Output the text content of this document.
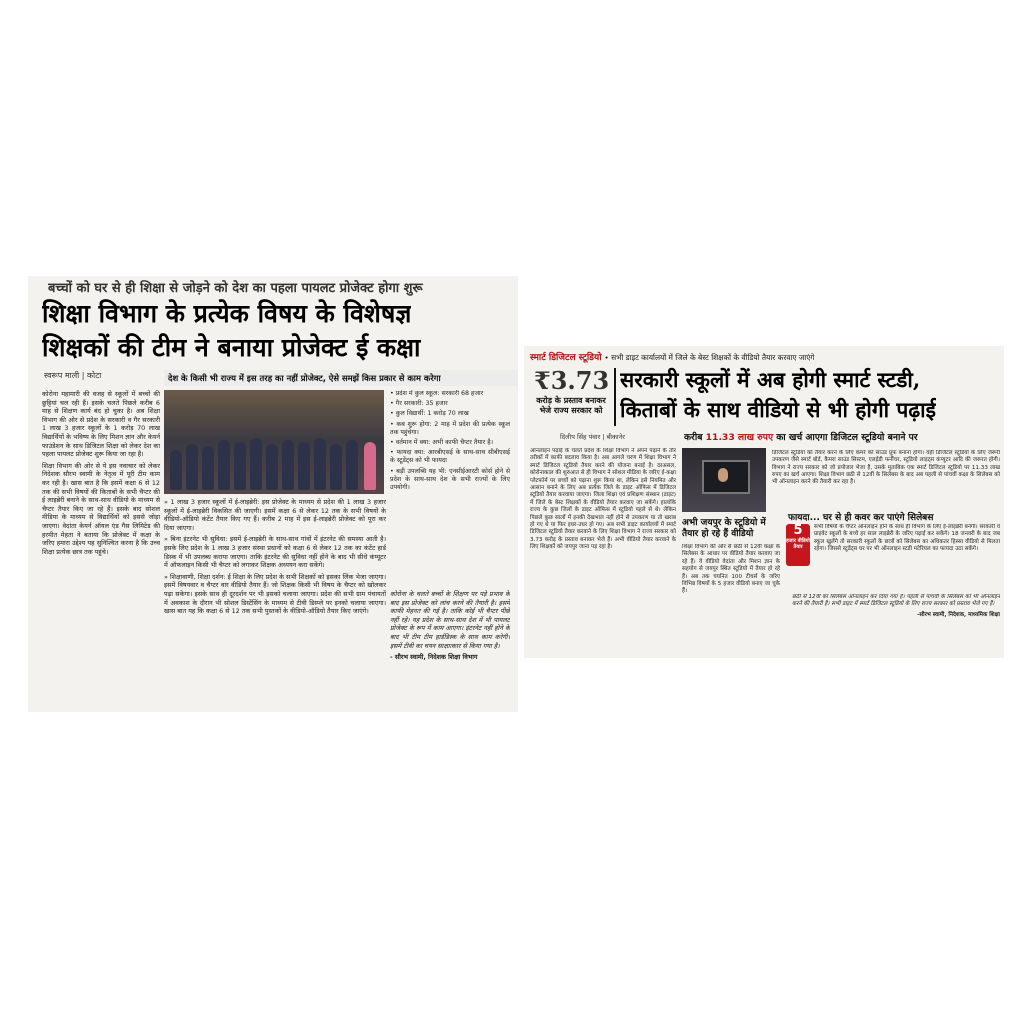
बच्चों को घर से ही शिक्षा से जोड़ने को देश का पहला पायलट प्रोजेक्ट होगा शुरू
शिक्षा विभाग के प्रत्येक विषय के विशेषज्ञ
शिक्षकों की टीम ने बनाया प्रोजेक्ट ई कक्षा
स्वरूप माली | कोटा	देश के किसी भी राज्य में इस तरह का नहीं प्रोजेक्ट, ऐसे समझें किस प्रकार से काम करेगा

कोरोना महामारी की वजह से स्कूलों में बच्चों की छुट्टियां चल रही हैं। इसके चलते पिछले करीब 6 माह से शिक्षण कार्य बंद हो चुका है। अब शिक्षा विभाग की ओर से प्रदेश के सरकारी व गैर सरकारी 1 लाख 3 हजार स्कूलों के 1 करोड़ 70 लाख विद्यार्थियों के भविष्य के लिए मिशन ज्ञान और केयर्न फाउंडेशन के साथ डिजिटल शिक्षा को लेकर देश का पहला पायलट प्रोजेक्ट शुरू किया जा रहा है।

शिक्षा विभाग की ओर से ये इस नवाचार को लेकर निदेशक सौरभ स्वामी के नेतृत्व में पूरी टीम काम कर रही है। खास बात है कि इसमें कक्षा 6 से 12 तक की सभी विषयों की किताबों के सभी चैप्टर की ई लाइब्रेरी बनाने के साथ-साथ वीडियो के माध्यम से चैप्टर तैयार किए जा रहे हैं। इसके बाद सोशल मीडिया के माध्यम से विद्यार्थियों को इससे जोड़ा जाएगा। वेदांता केयर्न ऑयल एंड गैस लिमिटेड की हरमीत मेहता ने बताया कि प्रोजेक्ट में कक्षा के जरिए हमारा उद्देश्य यह सुनिश्चित करना है कि उच्च शिक्षा प्रत्येक छात्र तक पहुंचे।

» 1 लाख 3 हजार स्कूलों में ई-लाइब्रेरी: इस प्रोजेक्ट के माध्यम से प्रदेश की 1 लाख 3 हजार स्कूलों में ई-लाइब्रेरी विकसित की जाएगी। इसमें कक्षा 6 से लेकर 12 तक के सभी विषयों के वीडियो-ऑडियो कंटेंट तैयार किए गए हैं। करीब 2 माह में इस ई-लाइब्रेरी प्रोजेक्ट को पूरा कर दिया जाएगा।

» बिना इंटरनेट भी सुविधा: इसमें ई-लाइब्रेरी के साथ-साथ गांवों में इंटरनेट की समस्या आती है। इसके लिए प्रदेश के 1 लाख 3 हजार संस्था प्रधानों को कक्षा 6 से लेकर 12 तक का कंटेंट हार्ड डिस्क में भी उपलब्ध कराया जाएगा। ताकि इंटरनेट की सुविधा नहीं होने के बाद भी सीधे कंप्यूटर में ऑफलाइन किसी भी चैप्टर को लगाकर शिक्षक अध्ययन करा सकेंगे।

» शिक्षावाणी, शिक्षा दर्शन: ई शिक्षा के लिए प्रदेश के सभी शिक्षकों को इसका लिंक भेजा जाएगा। इसमें विषयवार व चैप्टर वार वीडियो तैयार हैं। जो शिक्षक किसी भी विषय के चैप्टर को खोलकर पढ़ा सकेगा। इसके साथ ही दूरदर्शन पर भी इसको चलाया जाएगा। प्रदेश की सभी ग्राम पंचायतों में अवकाश के दौरान भी सोशल डिस्टेंसिंग के माध्यम से टीवी डिस्प्ले पर इनको चलाया जाएगा। खास बात यह कि कक्षा 6 से 12 तक सभी पुस्तकों के वीडियो-ऑडियो तैयार किए जाएंगे।

• प्रदेश में कुल स्कूल: सरकारी 68 हजार
• गैर सरकारी: 35 हजार
• कुल विद्यार्थी: 1 करोड़ 70 लाख
• कब शुरू होगा: 2 माह में प्रदेश की प्रत्येक स्कूल तक पहुंचेगा।
• वर्तमान में क्या: अभी काफी चैप्टर तैयार है।
• फायदा क्या: आरबीएसई के साथ-साथ सीबीएसई के स्टूडेंट्स को भी फायदा
• बड़ी उपलब्धि यह भी: एनसीईआरटी कोर्स होने से प्रदेश के साथ-साथ देश के सभी राज्यों के लिए उपयोगी।

कोरोना के चलते बच्चों के शिक्षण पर पड़े प्रभाव के बाद इस प्रोजेक्ट को लांच करने की तैयारी है। इसमें काफी मेहनत की गई है। ताकि कोई भी चैप्टर पीछे नहीं रहे। यह प्रदेश के साथ-साथ देश में भी पायलट प्रोजेक्ट के रूप में काम आएगा। इंटरनेट नहीं होने के बाद भी टीम टीम हार्डडिस्क के साथ काम करेगी। इसमें टीवी का चयन साक्षात्कार से किया गया है।

- सौरभ स्वामी, निदेशक शिक्षा विभाग

स्मार्ट डिजिटल स्टूडियो • सभी डाइट कार्यालयों में जिले के बेस्ट शिक्षकों के वीडियो तैयार करवाए जाएंगे
₹3.73
करोड़ के प्रस्ताव बनाकर भेजे राज्य सरकार को
सरकारी स्कूलों में अब होगी स्मार्ट स्टडी,
किताबों के साथ वीडियो से भी होगी पढ़ाई
दिलीप सिंह पंवार | बीकानेर	करीब 11.33 लाख रुपए का खर्च आएगा डिजिटल स्टूडियो बनाने पर
ऑनलाइन पढ़ाई के चलते प्रदेश के शिक्षा विभाग ने अपने पढ़ाने के तौर तरीकों में काफी बदलाव किया है। अब आगले चरण में शिक्षा विभाग ने स्मार्ट डिजिटल स्टूडियो तैयार करने की योजना बनाई है। दरअसल, कोरोनाकाल की शुरुआत से ही विभाग ने सोशल मीडिया के जरिए ई-कक्षा प्लेटफॉर्म पर बच्चों को पढ़ाना शुरू किया था, लेकिन इसे नियमित और आसान बनाने के लिए अब प्रत्येक जिले के डाइट ऑफिस में डिजिटल स्टूडियो तैयार करवाया जाएगा। जिला शिक्षा एवं प्रशिक्षण संस्थान (डाइट) में जिले के बेस्ट शिक्षकों के वीडियो तैयार करवाए जा सकेंगे। हालांकि राज्य के कुछ जिलों के डाइट ऑफिस में स्टूडियो पहले से थे। लेकिन पिछले कुछ सालों में इनकी देखभाल नहीं होने से उपकरण या तो खराब हो गए थे या फिर इधर-उधर हो गए। अब सभी डाइट कार्यालयों में स्मार्ट डिजिटल स्टूडियो तैयार करवाने के लिए शिक्षा विभाग ने राज्य सरकार को 3.73 करोड़ के प्रस्ताव बनाकर भेजे हैं। अभी वीडियो तैयार करवाने के लिए शिक्षकों को जयपुर जाना पड़ रहा है।
अभी जयपुर के स्टूडियो में तैयार हो रहे हैं वीडियो
शिक्षा विभाग की ओर से छठी से 12वीं कक्षा के सिलेबस के आधार पर वीडियो तैयार करवाए जा रहे हैं। ये वीडियो वेदांता और मिशन ज्ञान के सहयोग से जयपुर स्थित स्टूडियो में तैयार हो रहे हैं। अब तक चयनित 100 टीचर्स के जरिए विभिन्न विषयों के 5 हजार वीडियो बनाए जा चुके हैं।
डिजिटल स्टूडियो को तैयार करने के लिए कमरे को साउंड प्रूफ बनाना होगा। वहीं डिजिटल स्टूडियो के लिए जरूरी उपकरण जैसे स्मार्ट बोर्ड, कैमरा साउंड सिस्टम, एलईडी फर्नीचर, स्टूडियो लाइट्स कंप्यूटर आदि की जरूरत होगी। विभाग ने राज्य सरकार को जो प्रपोजल भेजा है, उसके मुताबिक एक स्मार्ट डिजिटल स्टूडियो पर 11.33 लाख रुपए का खर्च आएगा। शिक्षा विभाग छठी से 12वीं के सिलेबस के बाद अब पहली से पांचवीं कक्षा के सिलेबस को भी ऑनलाइन करने की तैयारी कर रहा है।
फायदा... घर से ही कवर कर पाएंगे सिलेबस
5
हजार वीडियो तैयार
सभी विषयों के चैप्टर ऑनलाइन होने के साथ ही विभाग के लिए ई-लाइब्रेरी बनेगी। सरकारी व प्राइवेट स्कूलों के बच्चे हर साल लाइब्रेरी के जरिए पढ़ाई कर सकेंगे। 18 जनवरी के बाद जब स्कूल खुलेंगे तो सरकारी स्कूलों के छात्रों को सिलेबस का अधिकतर हिस्सा वीडियो से मिलता रहेगा। जिससे स्टूडेंट्स घर पर भी ऑनलाइन स्टडी मटेरियल का फायदा उठा सकेंगे।

छठी से 12वीं का सिलेबस ऑनलाइन कर दिया गया है। पहली से पांचवीं के सिलेबस को भी ऑनलाइन करने की तैयारी है। सभी डाइट में स्मार्ट डिजिटल स्टूडियो के लिए राज्य सरकार को प्रस्ताव भेजे गए हैं।

-सौरभ स्वामी, निदेशक, माध्यमिक शिक्षा
